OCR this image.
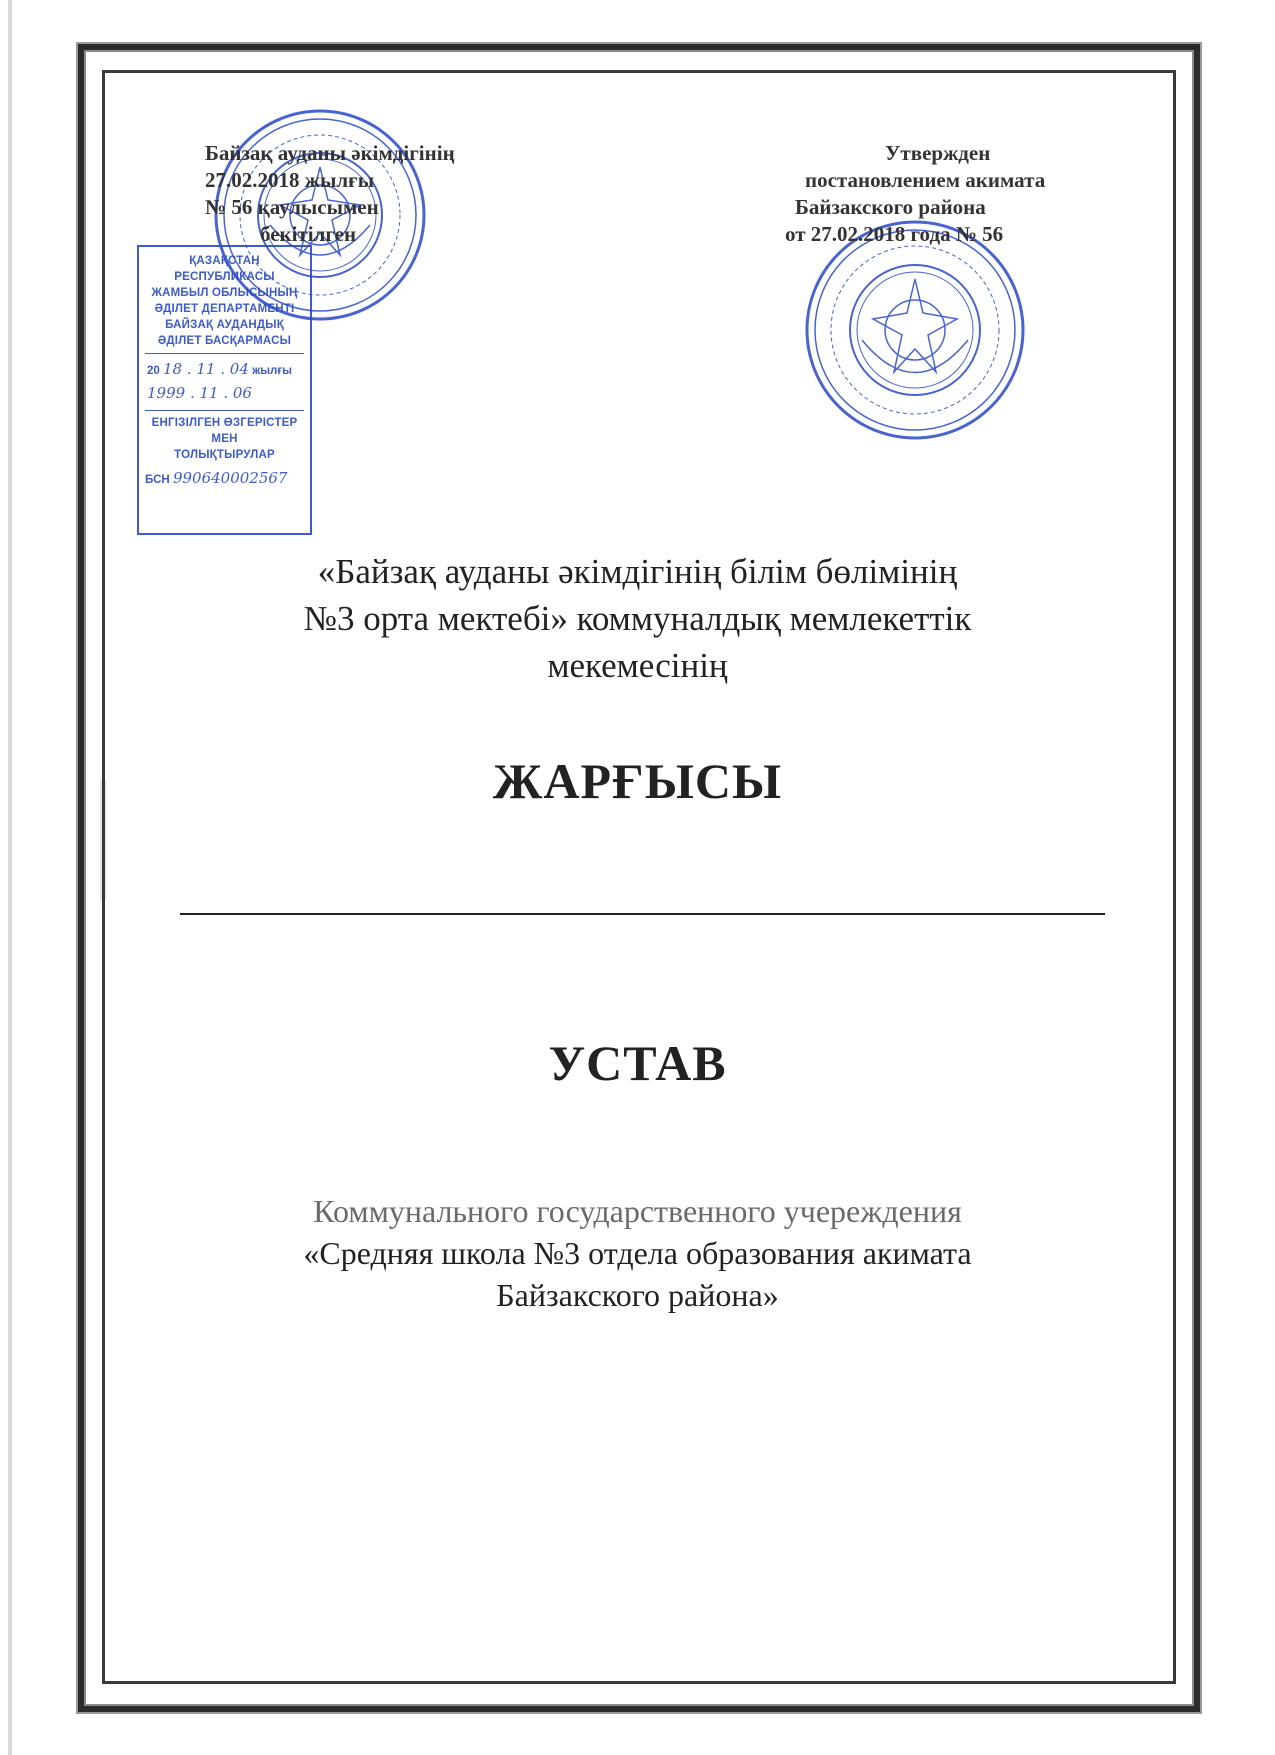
Байзақ ауданы әкімдігінің
27.02.2018 жылғы
№ 56 қаулысымен
бекітілген
Утвержден
постановлением акимата
Байзакского района
от 27.02.2018 года № 56
ҚАЗАҚСТАН РЕСПУБЛИКАСЫ
ЖАМБЫЛ ОБЛЫСЫНЫҢ
ӘДІЛЕТ ДЕПАРТАМЕНТІ
БАЙЗАҚ АУДАНДЫҚ
ӘДІЛЕТ БАСҚАРМАСЫ
20 18 . 11 . 04 жылғы
1999 . 11 . 06
ЕНГІЗІЛГЕН ӨЗГЕРІСТЕР МЕН
ТОЛЫҚТЫРУЛАР
БСН 990640002567
«Байзақ ауданы әкімдігінің білім бөлімінің
№3 орта мектебі» коммуналдық мемлекеттік
мекемесінің
ЖАРҒЫСЫ
УСТАВ
Коммунального государственного учереждения
«Средняя школа №3 отдела образования акимата
Байзакского района»
